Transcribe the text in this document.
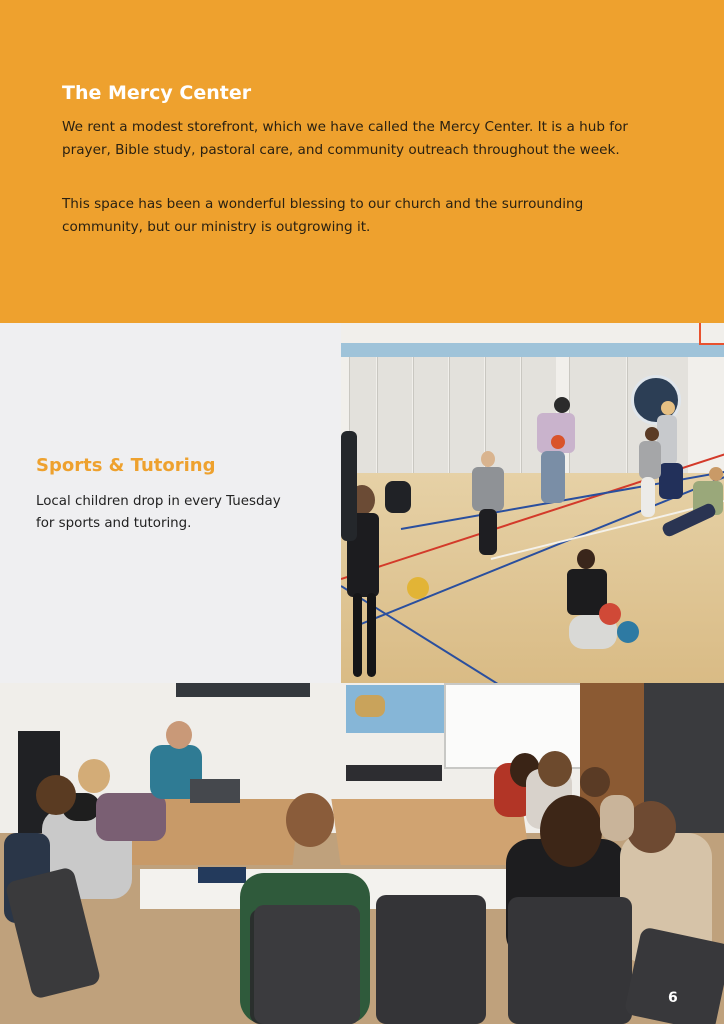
The Mercy Center

We rent a modest storefront, which we have called the Mercy Center. It is a hub for prayer, Bible study, pastoral care, and community outreach throughout the week.

This space has been a wonderful blessing to our church and the surrounding community, but our ministry is outgrowing it.

Sports & Tutoring

Local children drop in every Tuesday for sports and tutoring.

6
